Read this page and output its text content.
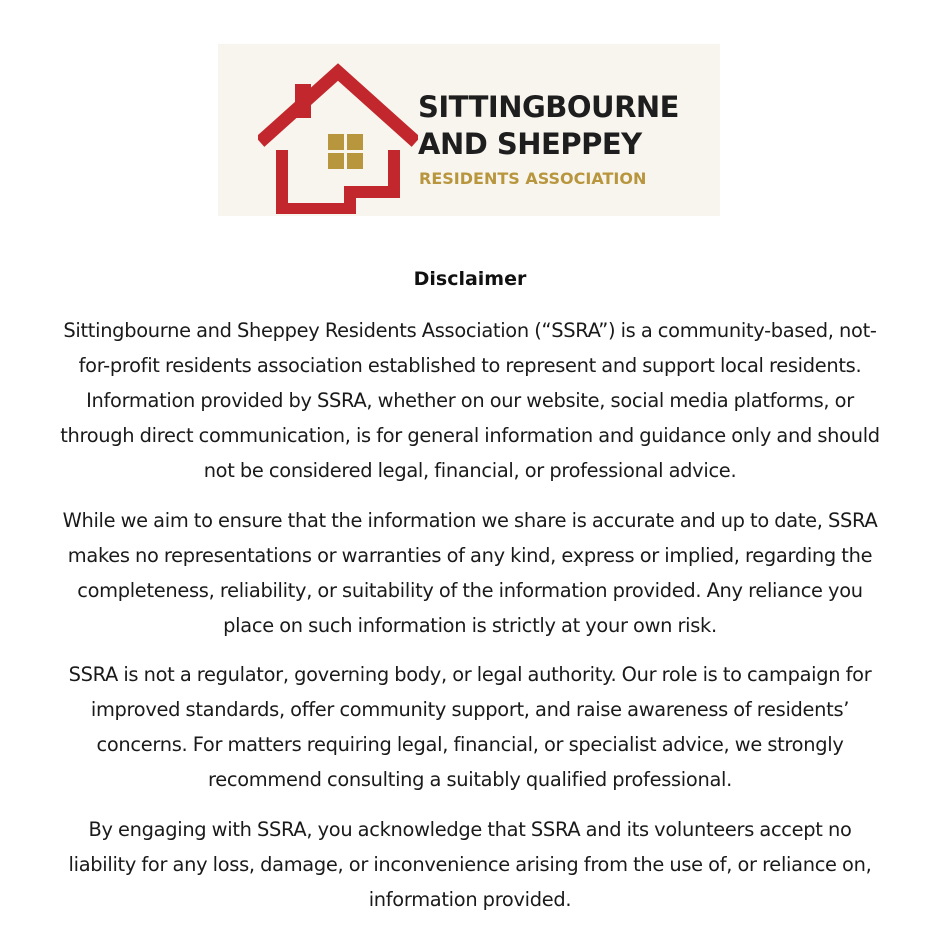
SITTINGBOURNE
AND SHEPPEY
RESIDENTS ASSOCIATION
Disclaimer

Sittingbourne and Sheppey Residents Association (“SSRA”) is a community-based, not-
for-profit residents association established to represent and support local residents.
Information provided by SSRA, whether on our website, social media platforms, or
through direct communication, is for general information and guidance only and should
not be considered legal, financial, or professional advice.

While we aim to ensure that the information we share is accurate and up to date, SSRA
makes no representations or warranties of any kind, express or implied, regarding the
completeness, reliability, or suitability of the information provided. Any reliance you
place on such information is strictly at your own risk.

SSRA is not a regulator, governing body, or legal authority. Our role is to campaign for
improved standards, offer community support, and raise awareness of residents’
concerns. For matters requiring legal, financial, or specialist advice, we strongly
recommend consulting a suitably qualified professional.

By engaging with SSRA, you acknowledge that SSRA and its volunteers accept no
liability for any loss, damage, or inconvenience arising from the use of, or reliance on,
information provided.
